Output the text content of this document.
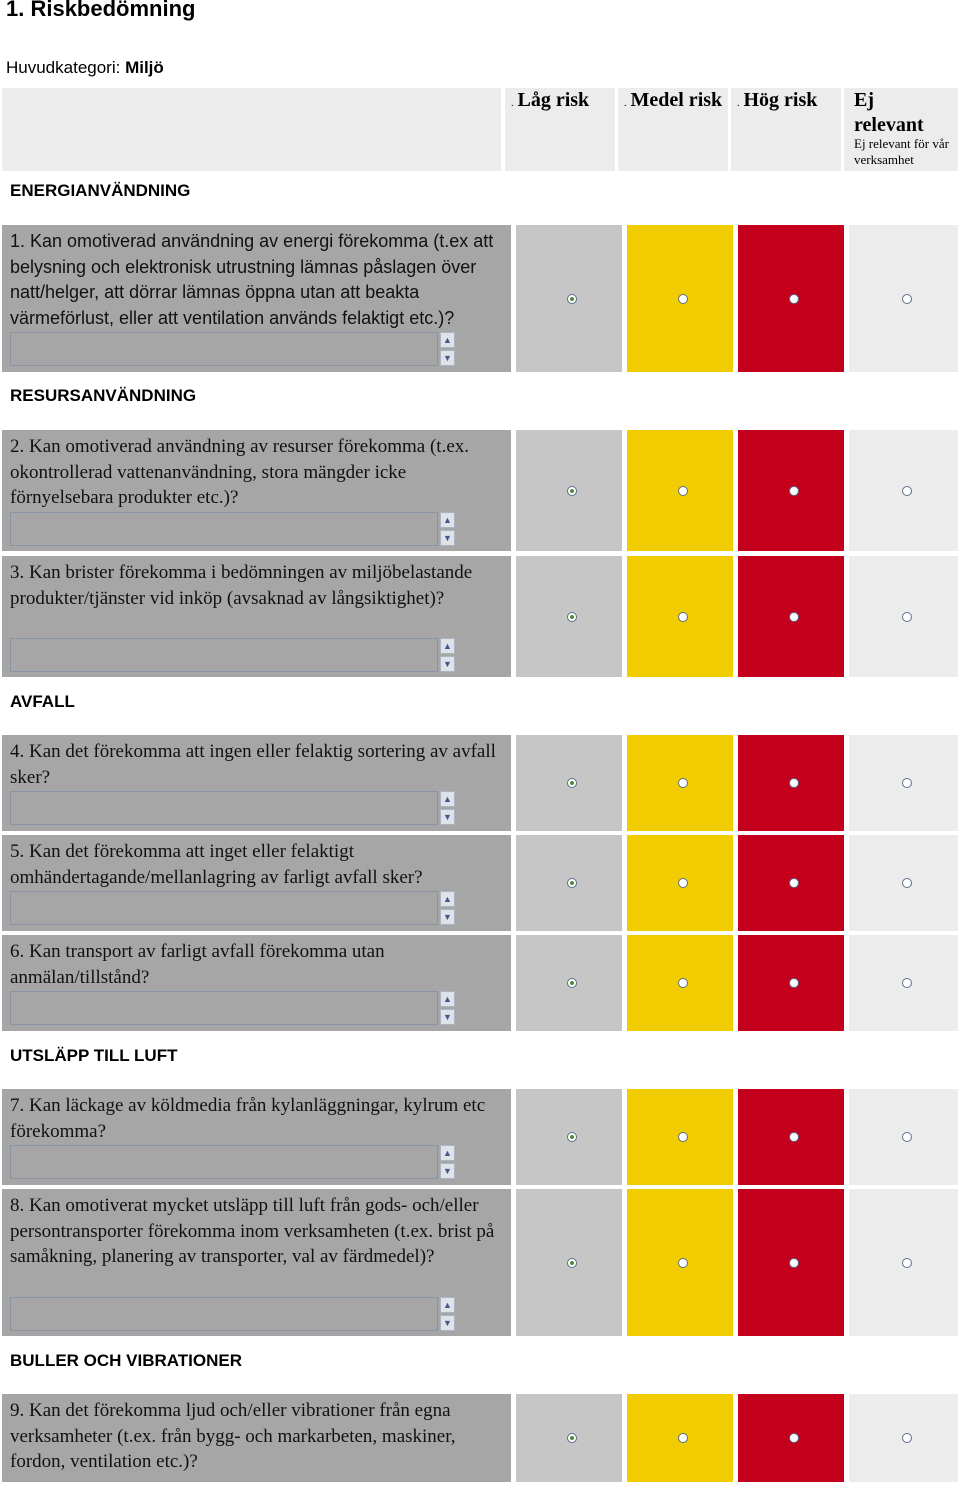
1. Riskbedömning
Huvudkategori: Miljö
. Låg risk	. Medel risk . Hög risk Ej relevant
Ej relevant för vår verksamhet
ENERGIANVÄNDNING
RESURSANVÄNDNING
AVFALL
UTSLÄPP TILL LUFT
BULLER OCH VIBRATIONER
1. Kan omotiverad användning av energi förekomma (t.ex att belysning och elektronisk utrustning lämnas påslagen över natt/helger, att dörrar lämnas öppna utan att beakta värmeförlust, eller att ventilation används felaktigt etc.)?
▲
▼
2. Kan omotiverad användning av resurser förekomma (t.ex. okontrollerad vattenanvändning, stora mängder icke förnyelsebara produkter etc.)?
▲
▼
3. Kan brister förekomma i bedömningen av miljöbelastande produkter/tjänster vid inköp (avsaknad av långsiktighet)?
▲
▼
4. Kan det förekomma att ingen eller felaktig sortering av avfall sker?
▲
▼
5. Kan det förekomma att inget eller felaktigt omhändertagande/mellanlagring av farligt avfall sker?
▲
▼
6. Kan transport av farligt avfall förekomma utan anmälan/tillstånd?
▲
▼
7. Kan läckage av köldmedia från kylanläggningar, kylrum etc förekomma?
▲
▼
8. Kan omotiverat mycket utsläpp till luft från gods- och/eller persontransporter förekomma inom verksamheten (t.ex. brist på samåkning, planering av transporter, val av färdmedel)?
▲
▼
9. Kan det förekomma ljud och/eller vibrationer från egna verksamheter (t.ex. från bygg- och markarbeten, maskiner, fordon, ventilation etc.)?
